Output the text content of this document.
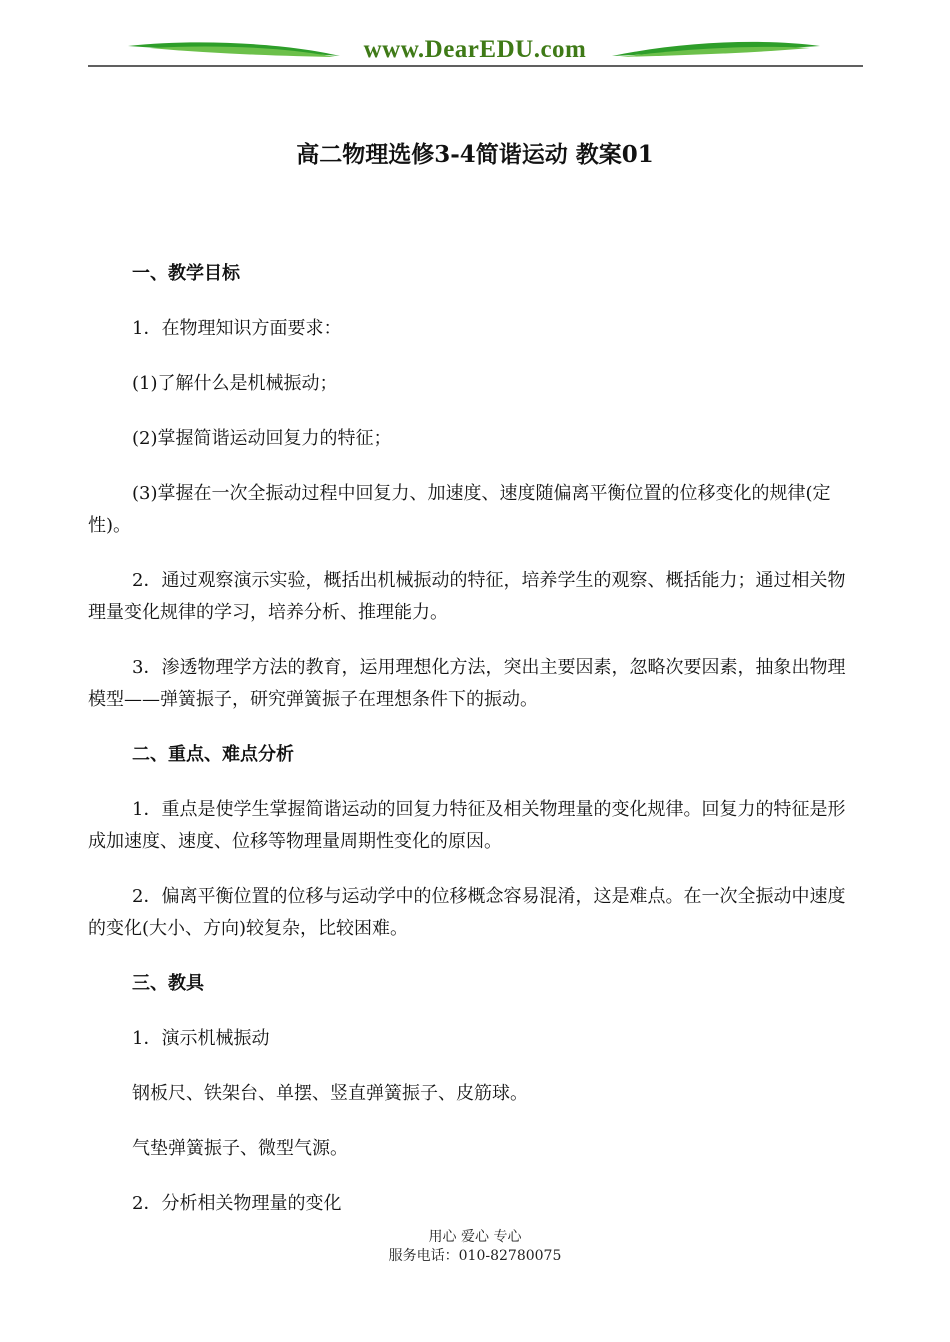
www.DearEDU.com
高二物理选修3-4简谐运动 教案01

一、教学目标

1．在物理知识方面要求：

(1)了解什么是机械振动；

(2)掌握简谐运动回复力的特征；

(3)掌握在一次全振动过程中回复力、加速度、速度随偏离平衡位置的位移变化的规律(定性)。

2．通过观察演示实验，概括出机械振动的特征，培养学生的观察、概括能力；通过相关物理量变化规律的学习，培养分析、推理能力。

3．渗透物理学方法的教育，运用理想化方法，突出主要因素，忽略次要因素，抽象出物理模型——弹簧振子，研究弹簧振子在理想条件下的振动。

二、重点、难点分析

1．重点是使学生掌握简谐运动的回复力特征及相关物理量的变化规律。回复力的特征是形成加速度、速度、位移等物理量周期性变化的原因。

2．偏离平衡位置的位移与运动学中的位移概念容易混淆，这是难点。在一次全振动中速度的变化(大小、方向)较复杂，比较困难。

三、教具

1．演示机械振动

钢板尺、铁架台、单摆、竖直弹簧振子、皮筋球。

气垫弹簧振子、微型气源。

2．分析相关物理量的变化

用心 爱心 专心
服务电话：010-82780075
